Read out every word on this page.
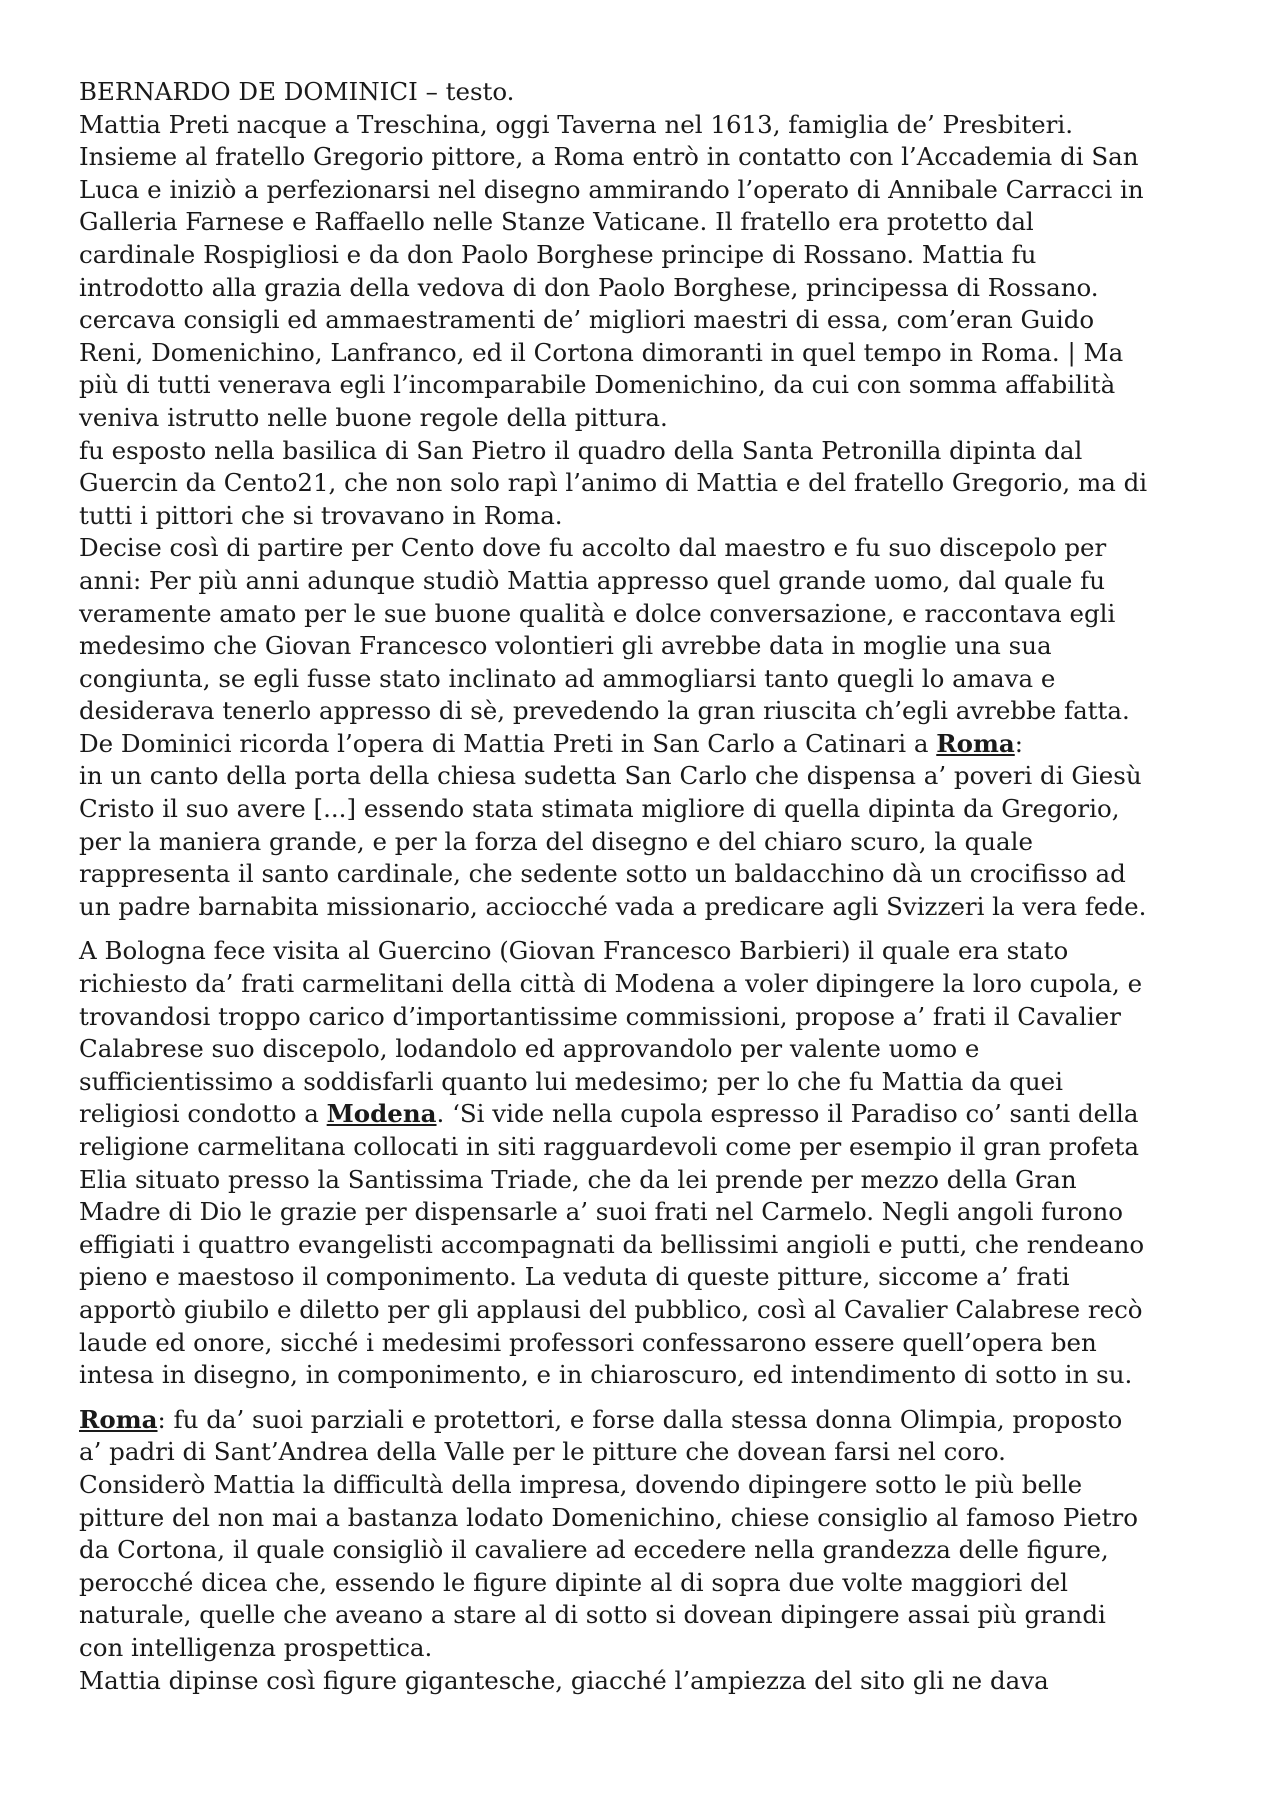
BERNARDO DE DOMINICI – testo.
Mattia Preti nacque a Treschina, oggi Taverna nel 1613, famiglia de’ Presbiteri.
Insieme al fratello Gregorio pittore, a Roma entrò in contatto con l’Accademia di San
Luca e iniziò a perfezionarsi nel disegno ammirando l’operato di Annibale Carracci in
Galleria Farnese e Raffaello nelle Stanze Vaticane. Il fratello era protetto dal
cardinale Rospigliosi e da don Paolo Borghese principe di Rossano. Mattia fu
introdotto alla grazia della vedova di don Paolo Borghese, principessa di Rossano.
cercava consigli ed ammaestramenti de’ migliori maestri di essa, com’eran Guido
Reni, Domenichino, Lanfranco, ed il Cortona dimoranti in quel tempo in Roma. | Ma
più di tutti venerava egli l’incomparabile Domenichino, da cui con somma affabilità
veniva istrutto nelle buone regole della pittura.
fu esposto nella basilica di San Pietro il quadro della Santa Petronilla dipinta dal
Guercin da Cento21, che non solo rapì l’animo di Mattia e del fratello Gregorio, ma di
tutti i pittori che si trovavano in Roma.
Decise così di partire per Cento dove fu accolto dal maestro e fu suo discepolo per
anni: Per più anni adunque studiò Mattia appresso quel grande uomo, dal quale fu
veramente amato per le sue buone qualità e dolce conversazione, e raccontava egli
medesimo che Giovan Francesco volontieri gli avrebbe data in moglie una sua
congiunta, se egli fusse stato inclinato ad ammogliarsi tanto quegli lo amava e
desiderava tenerlo appresso di sè, prevedendo la gran riuscita ch’egli avrebbe fatta.
De Dominici ricorda l’opera di Mattia Preti in San Carlo a Catinari a Roma:
in un canto della porta della chiesa sudetta San Carlo che dispensa a’ poveri di Giesù
Cristo il suo avere [...] essendo stata stimata migliore di quella dipinta da Gregorio,
per la maniera grande, e per la forza del disegno e del chiaro scuro, la quale
rappresenta il santo cardinale, che sedente sotto un baldacchino dà un crocifisso ad
un padre barnabita missionario, acciocché vada a predicare agli Svizzeri la vera fede.
A Bologna fece visita al Guercino (Giovan Francesco Barbieri) il quale era stato
richiesto da’ frati carmelitani della città di Modena a voler dipingere la loro cupola, e
trovandosi troppo carico d’importantissime commissioni, propose a’ frati il Cavalier
Calabrese suo discepolo, lodandolo ed approvandolo per valente uomo e
sufficientissimo a soddisfarli quanto lui medesimo; per lo che fu Mattia da quei
religiosi condotto a Modena. ‘Si vide nella cupola espresso il Paradiso co’ santi della
religione carmelitana collocati in siti ragguardevoli come per esempio il gran profeta
Elia situato presso la Santissima Triade, che da lei prende per mezzo della Gran
Madre di Dio le grazie per dispensarle a’ suoi frati nel Carmelo. Negli angoli furono
effigiati i quattro evangelisti accompagnati da bellissimi angioli e putti, che rendeano
pieno e maestoso il componimento. La veduta di queste pitture, siccome a’ frati
apportò giubilo e diletto per gli applausi del pubblico, così al Cavalier Calabrese recò
laude ed onore, sicché i medesimi professori confessarono essere quell’opera ben
intesa in disegno, in componimento, e in chiaroscuro, ed intendimento di sotto in su.
Roma: fu da’ suoi parziali e protettori, e forse dalla stessa donna Olimpia, proposto
a’ padri di Sant’Andrea della Valle per le pitture che dovean farsi nel coro.
Considerò Mattia la difficultà della impresa, dovendo dipingere sotto le più belle
pitture del non mai a bastanza lodato Domenichino, chiese consiglio al famoso Pietro
da Cortona, il quale consigliò il cavaliere ad eccedere nella grandezza delle figure,
perocché dicea che, essendo le figure dipinte al di sopra due volte maggiori del
naturale, quelle che aveano a stare al di sotto si dovean dipingere assai più grandi
con intelligenza prospettica.
Mattia dipinse così figure gigantesche, giacché l’ampiezza del sito gli ne dava
